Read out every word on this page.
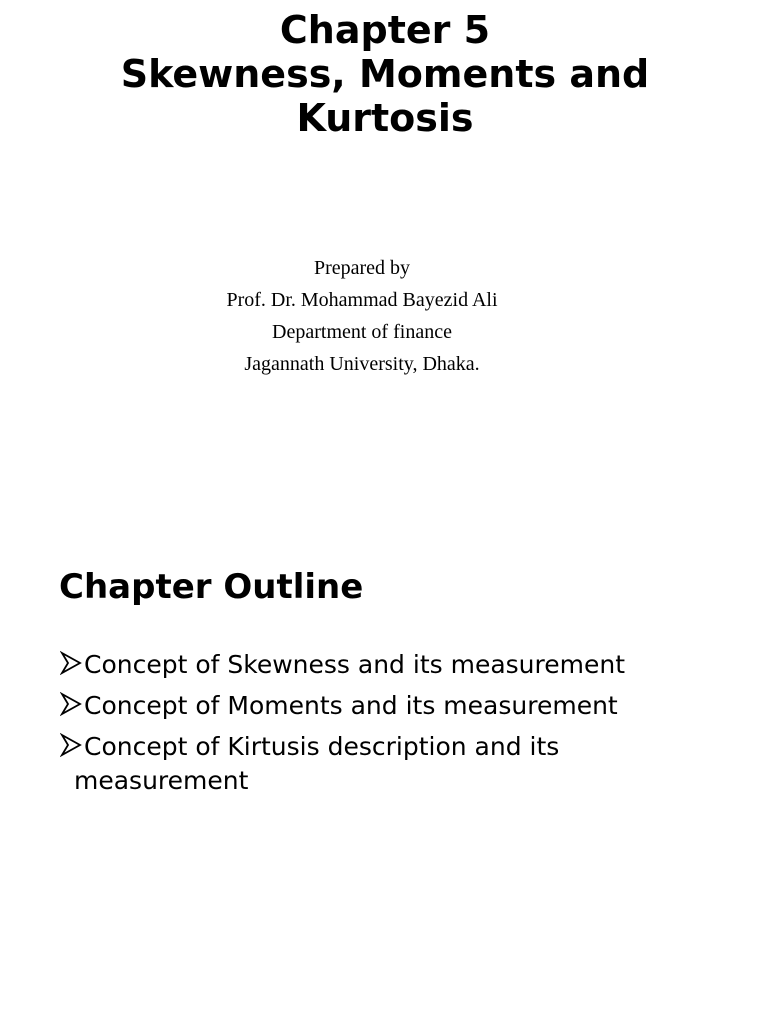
Chapter 5
Skewness, Moments and
Kurtosis
Prepared by
Prof. Dr. Mohammad Bayezid Ali
Department of finance
Jagannath University, Dhaka.
Chapter Outline
Concept of Skewness and its measurement
Concept of Moments and its measurement
Concept of Kirtusis description and its
measurement
